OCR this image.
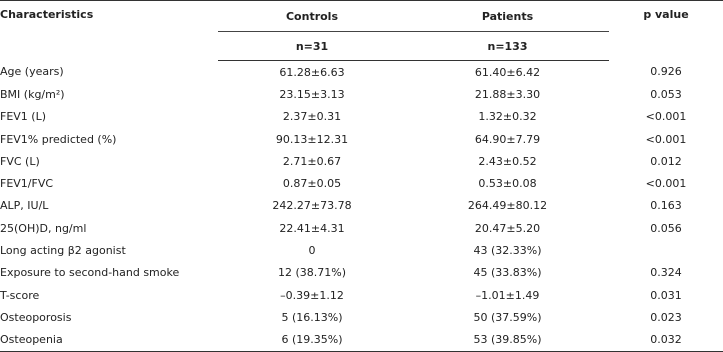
Characteristics	Controls	Patients	p value
	n=31	n=133	
Age (years)	61.28±6.63	61.40±6.42	0.926
BMI (kg/m²)	23.15±3.13	21.88±3.30	0.053
FEV1 (L)	2.37±0.31	1.32±0.32	<0.001
FEV1% predicted (%)	90.13±12.31	64.90±7.79	<0.001
FVC (L)	2.71±0.67	2.43±0.52	0.012
FEV1/FVC	0.87±0.05	0.53±0.08	<0.001
ALP, IU/L	242.27±73.78	264.49±80.12	0.163
25(OH)D, ng/ml	22.41±4.31	20.47±5.20	0.056
Long acting β2 agonist	0	43 (32.33%)	
Exposure to second-hand smoke	12 (38.71%)	45 (33.83%)	0.324
T-score	–0.39±1.12	–1.01±1.49	0.031
Osteoporosis	5 (16.13%)	50 (37.59%)	0.023
Osteopenia	6 (19.35%)	53 (39.85%)	0.032
